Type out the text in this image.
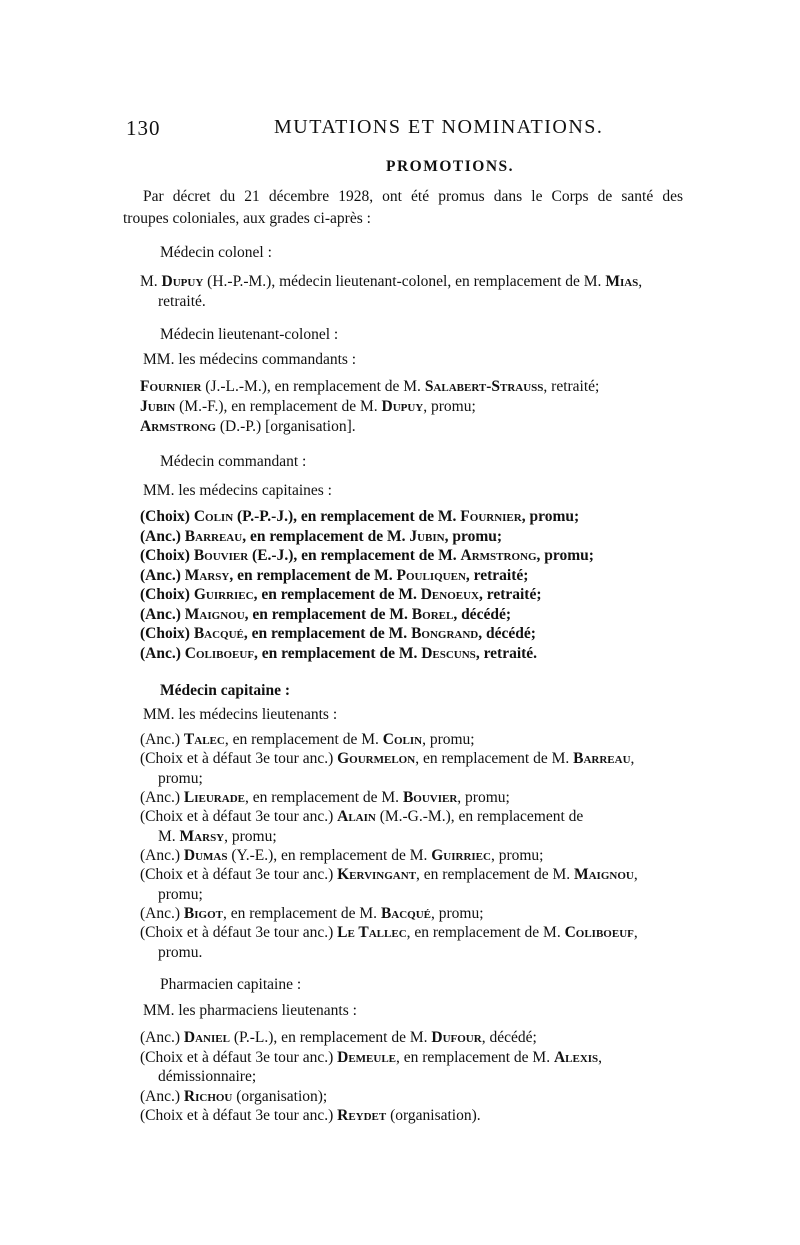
130	MUTATIONS ET NOMINATIONS.
PROMOTIONS.
Par décret du 21 décembre 1928, ont été promus dans le Corps de santé des
troupes coloniales, aux grades ci-après :
Médecin colonel :
M. Dupuy (H.-P.-M.), médecin lieutenant-colonel, en remplacement de M. Mias,
retraité.
Médecin lieutenant-colonel :
MM. les médecins commandants :
Fournier (J.-L.-M.), en remplacement de M. Salabert-Strauss, retraité;
Jubin (M.-F.), en remplacement de M. Dupuy, promu;
Armstrong (D.-P.) [organisation].
Médecin commandant :
MM. les médecins capitaines :
(Choix) Colin (P.-P.-J.), en remplacement de M. Fournier, promu;
(Anc.) Barreau, en remplacement de M. Jubin, promu;
(Choix) Bouvier (E.-J.), en remplacement de M. Armstrong, promu;
(Anc.) Marsy, en remplacement de M. Pouliquen, retraité;
(Choix) Guirriec, en remplacement de M. Denoeux, retraité;
(Anc.) Maignou, en remplacement de M. Borel, décédé;
(Choix) Bacqué, en remplacement de M. Bongrand, décédé;
(Anc.) Coliboeuf, en remplacement de M. Descuns, retraité.
Médecin capitaine :
MM. les médecins lieutenants :
(Anc.) Talec, en remplacement de M. Colin, promu;
(Choix et à défaut 3e tour anc.) Gourmelon, en remplacement de M. Barreau,
promu;
(Anc.) Lieurade, en remplacement de M. Bouvier, promu;
(Choix et à défaut 3e tour anc.) Alain (M.-G.-M.), en remplacement de
M. Marsy, promu;
(Anc.) Dumas (Y.-E.), en remplacement de M. Guirriec, promu;
(Choix et à défaut 3e tour anc.) Kervingant, en remplacement de M. Maignou,
promu;
(Anc.) Bigot, en remplacement de M. Bacqué, promu;
(Choix et à défaut 3e tour anc.) Le Tallec, en remplacement de M. Coliboeuf,
promu.
Pharmacien capitaine :
MM. les pharmaciens lieutenants :
(Anc.) Daniel (P.-L.), en remplacement de M. Dufour, décédé;
(Choix et à défaut 3e tour anc.) Demeule, en remplacement de M. Alexis,
démissionnaire;
(Anc.) Richou (organisation);
(Choix et à défaut 3e tour anc.) Reydet (organisation).
